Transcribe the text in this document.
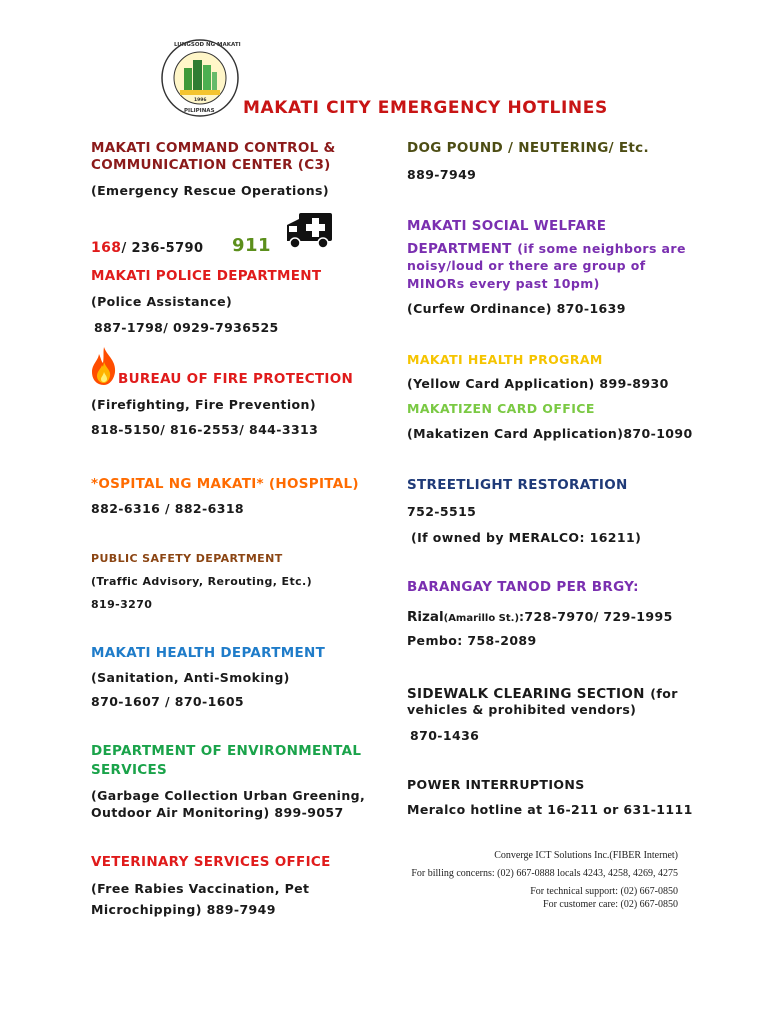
LUNGSOD NG MAKATI
PILIPINAS
1996 MAKATI CITY EMERGENCY HOTLINES
MAKATI COMMAND CONTROL &
COMMUNICATION CENTER (C3)
(Emergency Rescue Operations)
168/ 236-5790 911
MAKATI POLICE DEPARTMENT
(Police Assistance)
887-1798/ 0929-7936525
BUREAU OF FIRE PROTECTION
(Firefighting, Fire Prevention)
818-5150/ 816-2553/ 844-3313
*OSPITAL NG MAKATI* (HOSPITAL)
882-6316 / 882-6318
PUBLIC SAFETY DEPARTMENT
(Traffic Advisory, Rerouting, Etc.)
819-3270
MAKATI HEALTH DEPARTMENT
(Sanitation, Anti-Smoking)
870-1607 / 870-1605
DEPARTMENT OF ENVIRONMENTAL
SERVICES
(Garbage Collection Urban Greening,
Outdoor Air Monitoring) 899-9057
VETERINARY SERVICES OFFICE
(Free Rabies Vaccination, Pet
Microchipping) 889-7949
DOG POUND / NEUTERING/ Etc.
889-7949
MAKATI SOCIAL WELFARE
DEPARTMENT (if some neighbors are
noisy/loud or there are group of
MINORs every past 10pm)
(Curfew Ordinance) 870-1639
MAKATI HEALTH PROGRAM
(Yellow Card Application) 899-8930
MAKATIZEN CARD OFFICE
(Makatizen Card Application)870-1090
STREETLIGHT RESTORATION
752-5515
(If owned by MERALCO: 16211)
BARANGAY TANOD PER BRGY:
Rizal(Amarillo St.):728-7970/ 729-1995
Pembo: 758-2089
SIDEWALK CLEARING SECTION (for
vehicles & prohibited vendors)
870-1436
POWER INTERRUPTIONS
Meralco hotline at 16-211 or 631-1111
Converge ICT Solutions Inc.(FIBER Internet)
For billing concerns: (02) 667-0888 locals 4243, 4258, 4269, 4275
For technical support: (02) 667-0850
For customer care: (02) 667-0850
